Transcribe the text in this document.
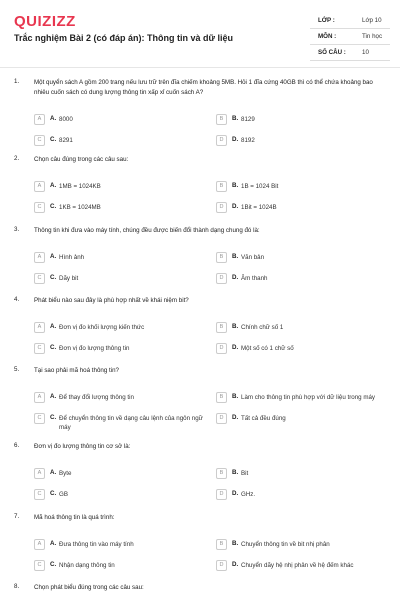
QUIZIZZ
Trắc nghiệm Bài 2 (có đáp án): Thông tin và dữ liệu
LỚP :	Lớp 10
MÔN :	Tin học
SỐ CÂU :	10
1. Một quyển sách A gồm 200 trang nếu lưu trữ trên đĩa chiếm khoảng 5MB. Hỏi 1 đĩa cứng 40GB thì có thể chứa khoảng bao nhiêu cuốn sách có dung lượng thông tin xấp xỉ cuốn sách A?
A	A. 8000	B	B. 8129
C	C. 8291	D	D. 8192
2. Chọn câu đúng trong các câu sau:
A	A. 1MB = 1024KB	B	B. 1B = 1024 Bit
C	C. 1KB = 1024MB	D	D. 1Bit = 1024B
3. Thông tin khi đưa vào máy tính, chúng đều được biến đổi thành dạng chung đó là:
A	A. Hình ảnh	B	B. Văn bản
C	C. Dãy bit	D	D. Âm thanh
4. Phát biểu nào sau đây là phù hợp nhất về khái niệm bit?
A	A. Đơn vị đo khối lượng kiến thức	B	B. Chính chữ số 1
C	C. Đơn vị đo lượng thông tin	D	D. Một số có 1 chữ số
5. Tại sao phải mã hoá thông tin?
A	A. Để thay đổi lượng thông tin	B	B. Làm cho thông tin phù hợp với dữ liệu trong máy
C	C. Để chuyển thông tin về dạng câu lệnh của ngôn ngữ máy
D	D. Tất cả đều đúng
6. Đơn vị đo lượng thông tin cơ sở là:
A	A. Byte	B	B. Bit
C	C. GB	D	D. GHz.
7. Mã hoá thông tin là quá trình:
A	A. Đưa thông tin vào máy tính	B	B. Chuyển thông tin về bit nhị phân
C	C. Nhận dạng thông tin	D	D. Chuyển dãy hệ nhị phân về hệ đếm khác
8. Chọn phát biểu đúng trong các câu sau:
